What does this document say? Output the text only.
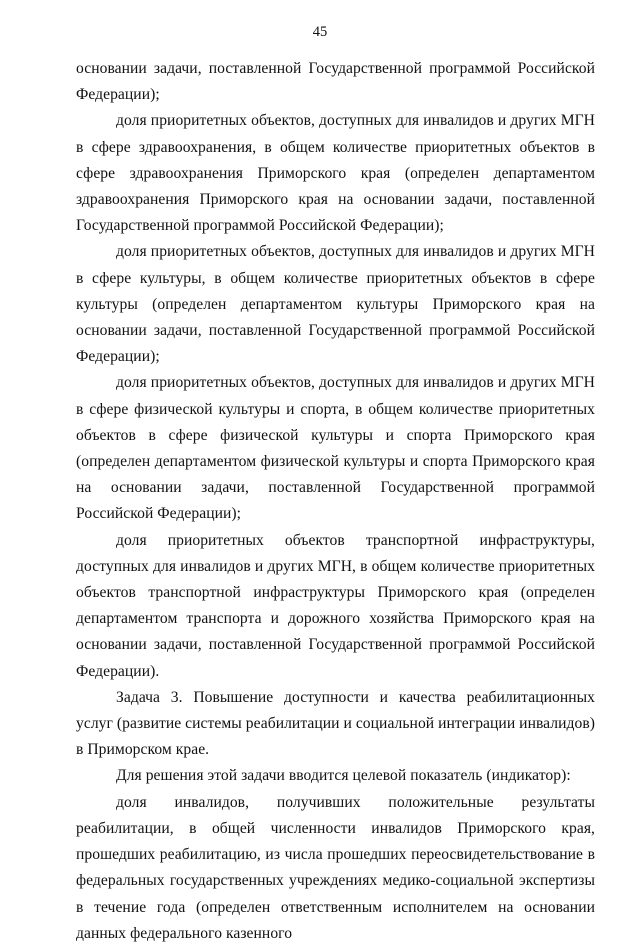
45

основании задачи, поставленной Государственной программой Российской Федерации);

доля приоритетных объектов, доступных для инвалидов и других МГН в сфере здравоохранения, в общем количестве приоритетных объектов в сфере здравоохранения Приморского края (определен департаментом здравоохранения Приморского края на основании задачи, поставленной Государственной программой Российской Федерации);

доля приоритетных объектов, доступных для инвалидов и других МГН в сфере культуры, в общем количестве приоритетных объектов в сфере культуры (определен департаментом культуры Приморского края на основании задачи, поставленной Государственной программой Российской Федерации);

доля приоритетных объектов, доступных для инвалидов и других МГН в сфере физической культуры и спорта, в общем количестве приоритетных объектов в сфере физической культуры и спорта Приморского края (определен департаментом физической культуры и спорта Приморского края на основании задачи, поставленной Государственной программой Российской Федерации);

доля приоритетных объектов транспортной инфраструктуры, доступных для инвалидов и других МГН, в общем количестве приоритетных объектов транспортной инфраструктуры Приморского края (определен департаментом транспорта и дорожного хозяйства Приморского края на основании задачи, поставленной Государственной программой Российской Федерации).

Задача 3. Повышение доступности и качества реабилитационных услуг (развитие системы реабилитации и социальной интеграции инвалидов) в Приморском крае.

Для решения этой задачи вводится целевой показатель (индикатор):

доля инвалидов, получивших положительные результаты реабилитации, в общей численности инвалидов Приморского края, прошедших реабилитацию, из числа прошедших переосвидетельствование в федеральных государственных учреждениях медико-социальной экспертизы в течение года (определен ответственным исполнителем на основании данных федерального казенного
